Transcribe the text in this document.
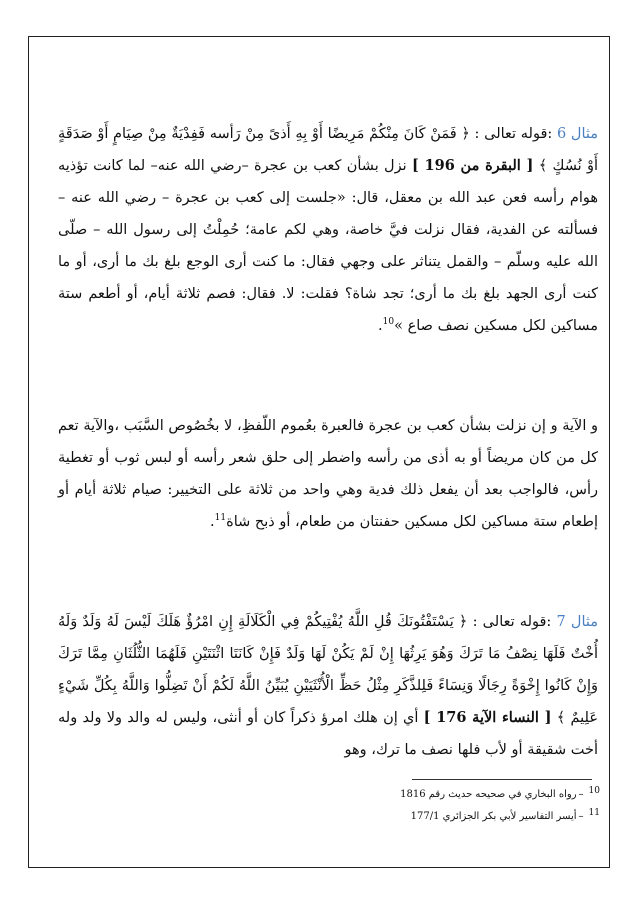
مثال 6 :قوله تعالى : ﴿ فَمَنْ كَانَ مِنْكُمْ مَرِيضًا أَوْ بِهِ أَذىً مِنْ رَأسه فَفِدْيَةٌ مِنْ صِيَامٍ أَوْ صَدَقَةٍ أَوْ نُسُكٍ ﴾ [ البقرة من 196 ] نزل بشأن كعب بن عجرة –رضي الله عنه– لما كانت تؤذيه هوام رأسه فعن عبد الله بن معقل، قال: «جلست إلى كعب بن عجرة – رضي الله عنه – فسألته عن الفدية، فقال نزلت فيَّ خاصة، وهي لكم عامة؛ حُمِلْتُ إلى رسول الله – صلّى الله عليه وسلّم – والقمل يتناثر على وجهي فقال: ما كنت أرى الوجع بلغ بك ما أرى، أو ما كنت أرى الجهد بلغ بك ما أرى؛ تجد شاة؟ فقلت: لا. فقال: فصم ثلاثة أيام، أو أطعم ستة مساكين لكل مسكين نصف صاع »$^{10}$.

و الآية و إن نزلت بشأن كعب بن عجرة فالعبرة بعُموم اللّفظِ، لا بخُصُوص السَّبَب ،والآية تعم كل من كان مريضاً أو به أذى من رأسه واضطر إلى حلق شعر رأسه أو لبس ثوب أو تغطية رأس، فالواجب بعد أن يفعل ذلك فدية وهي واحد من ثلاثة على التخيير: صيام ثلاثة أيام أو إطعام ستة مساكين لكل مسكين حفنتان من طعام، أو ذبح شاة$^{11}$.

مثال 7 :قوله تعالى : ﴿ يَسْتَفْتُونَكَ قُلِ اللَّهُ يُفْتِيكُمْ فِي الْكَلَالَةِ إِنِ امْرُؤٌ هَلَكَ لَيْسَ لَهُ وَلَدٌ وَلَهُ أُخْتٌ فَلَهَا نِصْفُ مَا تَرَكَ وَهُوَ يَرِثُهَا إِنْ لَمْ يَكُنْ لَهَا وَلَدٌ فَإِنْ كَانَتَا اثْنَتَيْنِ فَلَهُمَا الثُّلُثَانِ مِمَّا تَرَكَ وَإِنْ كَانُوا إِخْوَةً رِجَالًا وَنِسَاءً فَلِلذَّكَرِ مِثْلُ حَظِّ الْأُنْثَيَيْنِ يُبَيِّنُ اللَّهُ لَكُمْ أَنْ تَضِلُّوا وَاللَّهُ بِكُلِّ شَيْءٍ عَلِيمٌ ﴾ [ النساء الآية 176 ] أي إن هلك امرؤ ذكراً كان أو أنثى، وليس له والد ولا ولد وله أخت شقيقة أو لأب فلها نصف ما ترك، وهو

$^{10}$–رواه البخاري في صحيحه حديث رقم 1816
$^{11}$–أيسر التفاسير لأبي بكر الجزائري 177/1
